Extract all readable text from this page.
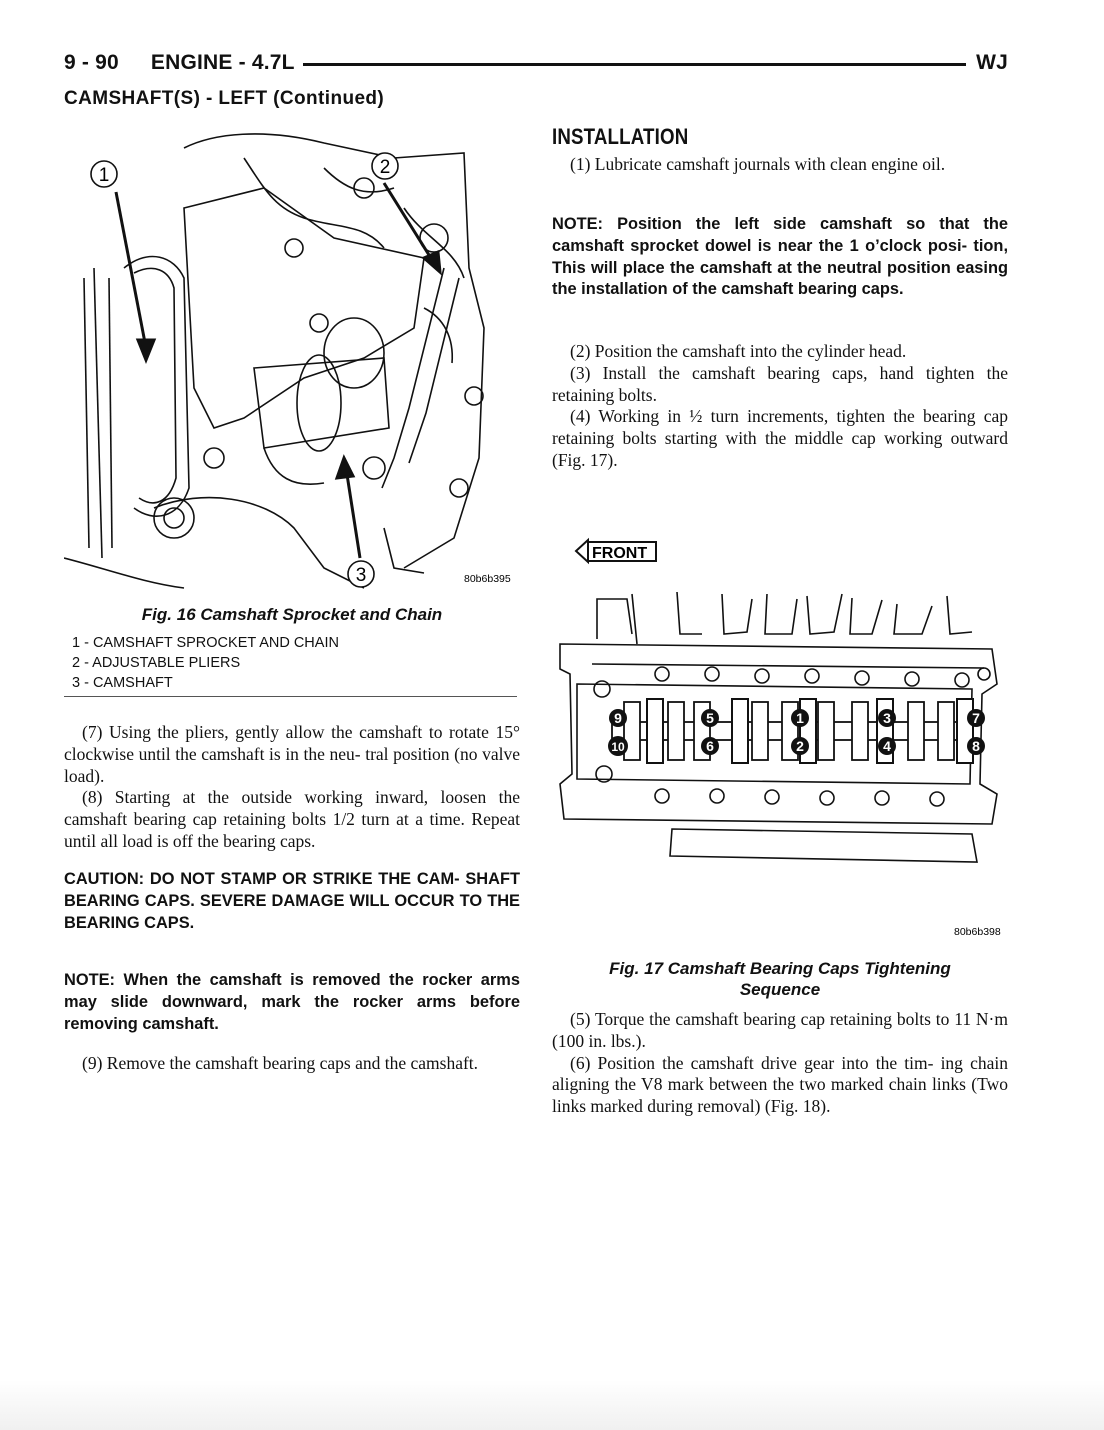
9 - 90 ENGINE - 4.7L	WJ
CAMSHAFT(S) - LEFT (Continued)
1	2
3	80b6b395
Fig. 16 Camshaft Sprocket and Chain
1 - CAMSHAFT SPROCKET AND CHAIN
2 - ADJUSTABLE PLIERS
3 - CAMSHAFT

(7) Using the pliers, gently allow the camshaft to rotate 15° clockwise until the camshaft is in the neu- tral position (no valve load).

(8) Starting at the outside working inward, loosen the camshaft bearing cap retaining bolts 1/2 turn at a time. Repeat until all load is off the bearing caps.

CAUTION: DO NOT STAMP OR STRIKE THE CAM- SHAFT BEARING CAPS. SEVERE DAMAGE WILL OCCUR TO THE BEARING CAPS.

NOTE: When the camshaft is removed the rocker arms may slide downward, mark the rocker arms before removing camshaft.

(9) Remove the camshaft bearing caps and the camshaft.

INSTALLATION

(1) Lubricate camshaft journals with clean engine oil.

NOTE: Position the left side camshaft so that the camshaft sprocket dowel is near the 1 o’clock posi- tion, This will place the camshaft at the neutral position easing the installation of the camshaft bearing caps.

(2) Position the camshaft into the cylinder head.

(3) Install the camshaft bearing caps, hand tighten the retaining bolts.

(4) Working in ½ turn increments, tighten the bearing cap retaining bolts starting with the middle cap working outward (Fig. 17).

FRONT
9	5	1	3	7
10	6	2	4	8
80b6b398
Fig. 17 Camshaft Bearing Caps Tightening
Sequence

(5) Torque the camshaft bearing cap retaining bolts to 11 N·m (100 in. lbs.).

(6) Position the camshaft drive gear into the tim- ing chain aligning the V8 mark between the two marked chain links (Two links marked during removal) (Fig. 18).
